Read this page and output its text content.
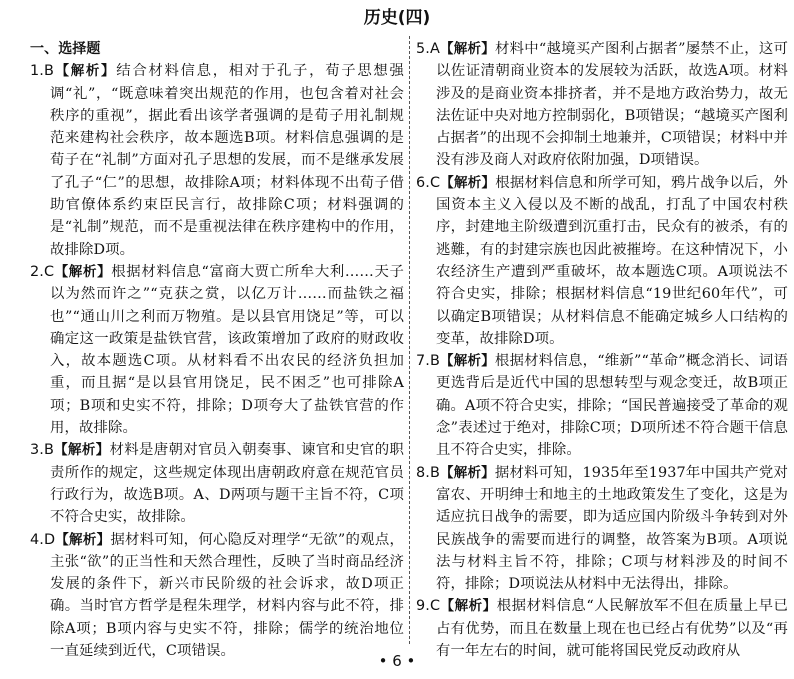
历史(四)
一、选择题

1.B【解析】结合材料信息，相对于孔子，荀子思想强调“礼”，“既意味着突出规范的作用，也包含着对社会秩序的重视”，据此看出该学者强调的是荀子用礼制规范来建构社会秩序，故本题选B项。材料信息强调的是荀子在“礼制”方面对孔子思想的发展，而不是继承发展了孔子“仁”的思想，故排除A项；材料体现不出荀子借助官僚体系约束臣民言行，故排除C项；材料强调的是“礼制”规范，而不是重视法律在秩序建构中的作用，故排除D项。

2.C【解析】根据材料信息“富商大贾亡所牟大利……天子以为然而许之”“克获之赏，以亿万计……而盐铁之福也”“通山川之利而万物殖。是以县官用饶足”等，可以确定这一政策是盐铁官营，该政策增加了政府的财政收入，故本题选C项。从材料看不出农民的经济负担加重，而且据“是以县官用饶足，民不困乏”也可排除A项；B项和史实不符，排除；D项夸大了盐铁官营的作用，故排除。

3.B【解析】材料是唐朝对官员入朝奏事、谏官和史官的职责所作的规定，这些规定体现出唐朝政府意在规范官员行政行为，故选B项。A、D两项与题干主旨不符，C项不符合史实，故排除。

4.D【解析】据材料可知，何心隐反对理学“无欲”的观点，主张“欲”的正当性和天然合理性，反映了当时商品经济发展的条件下，新兴市民阶级的社会诉求，故D项正确。当时官方哲学是程朱理学，材料内容与此不符，排除A项；B项内容与史实不符，排除；儒学的统治地位一直延续到近代，C项错误。

5.A【解析】材料中“越境买产图利占据者”屡禁不止，这可以佐证清朝商业资本的发展较为活跃，故选A项。材料涉及的是商业资本排挤者，并不是地方政治势力，故无法佐证中央对地方控制弱化，B项错误；“越境买产图利占据者”的出现不会抑制土地兼并，C项错误；材料中并没有涉及商人对政府依附加强，D项错误。

6.C【解析】根据材料信息和所学可知，鸦片战争以后，外国资本主义入侵以及不断的战乱，打乱了中国农村秩序，封建地主阶级遭到沉重打击，民众有的被杀，有的逃難，有的封建宗族也因此被摧垮。在这种情况下，小农经济生产遭到严重破坏，故本题选C项。A项说法不符合史实，排除；根据材料信息“19世纪60年代”，可以确定B项错误；从材料信息不能确定城乡人口结构的变革，故排除D项。

7.B【解析】根据材料信息，“维新”“革命”概念消长、词语更选背后是近代中国的思想转型与观念变迁，故B项正确。A项不符合史实，排除；“国民普遍接受了革命的观念”表述过于绝对，排除C项；D项所述不符合题干信息且不符合史实，排除。

8.B【解析】据材料可知，1935年至1937年中国共产党对富农、开明绅士和地主的土地政策发生了变化，这是为适应抗日战争的需要，即为适应国内阶级斗争转到对外民族战争的需要而进行的调整，故答案为B项。A项说法与材料主旨不符，排除；C项与材料涉及的时间不符，排除；D项说法从材料中无法得出，排除。

9.C【解析】根据材料信息“人民解放军不但在质量上早已占有优势，而且在数量上现在也已经占有优势”以及“再有一年左右的时间，就可能将国民党反动政府从

• 6 •
